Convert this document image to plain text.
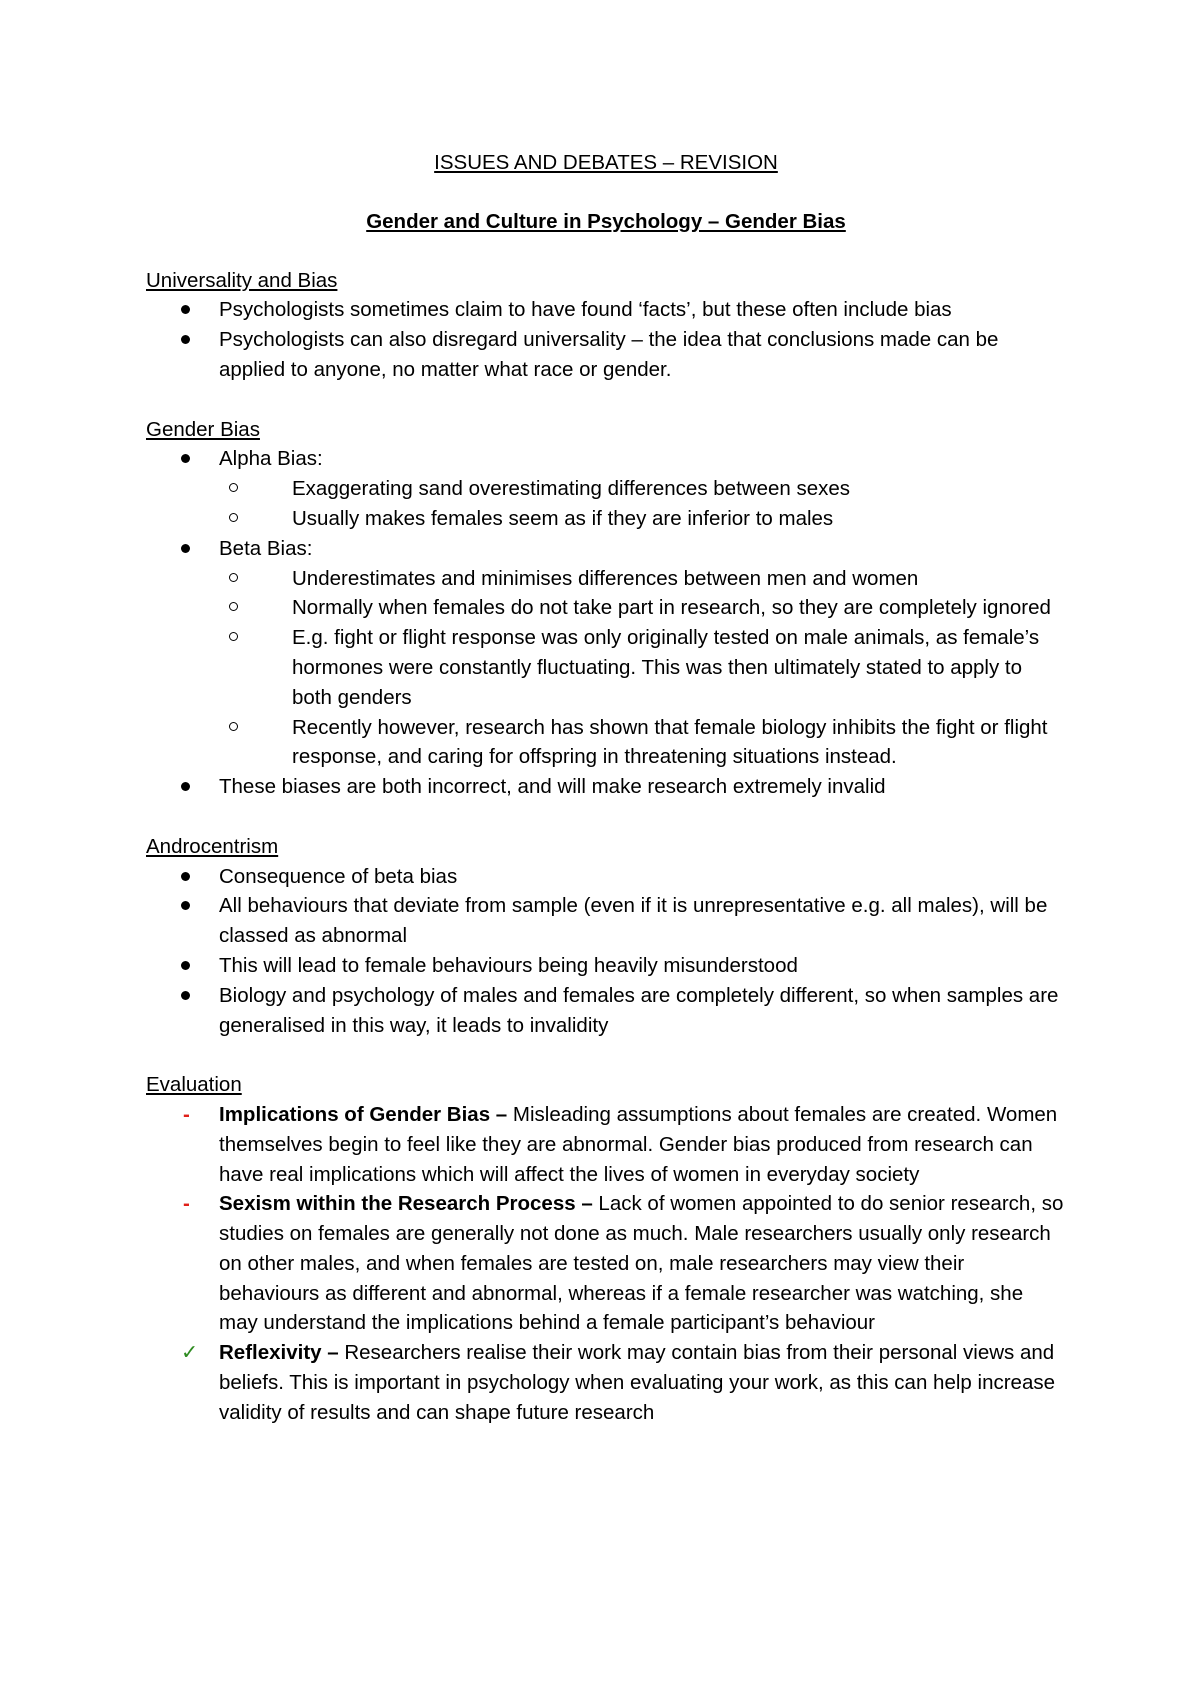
ISSUES AND DEBATES – REVISION

Gender and Culture in Psychology – Gender Bias

Universality and Bias

Psychologists sometimes claim to have found ‘facts’, but these often include bias
Psychologists can also disregard universality – the idea that conclusions made can be applied to anyone, no matter what race or gender.

Gender Bias

Alpha Bias:
Exaggerating sand overestimating differences between sexes
Usually makes females seem as if they are inferior to males
Beta Bias:
Underestimates and minimises differences between men and women
Normally when females do not take part in research, so they are completely ignored
E.g. fight or flight response was only originally tested on male animals, as female’s hormones were constantly fluctuating. This was then ultimately stated to apply to both genders
Recently however, research has shown that female biology inhibits the fight or flight response, and caring for offspring in threatening situations instead.
These biases are both incorrect, and will make research extremely invalid

Androcentrism

Consequence of beta bias
All behaviours that deviate from sample (even if it is unrepresentative e.g. all males), will be classed as abnormal
This will lead to female behaviours being heavily misunderstood
Biology and psychology of males and females are completely different, so when samples are generalised in this way, it leads to invalidity

Evaluation

- Implications of Gender Bias – Misleading assumptions about females are created. Women themselves begin to feel like they are abnormal. Gender bias produced from research can have real implications which will affect the lives of women in everyday society
- Sexism within the Research Process – Lack of women appointed to do senior research, so studies on females are generally not done as much. Male researchers usually only research on other males, and when females are tested on, male researchers may view their behaviours as different and abnormal, whereas if a female researcher was watching, she may understand the implications behind a female participant’s behaviour
✓ Reflexivity – Researchers realise their work may contain bias from their personal views and beliefs. This is important in psychology when evaluating your work, as this can help increase validity of results and can shape future research
